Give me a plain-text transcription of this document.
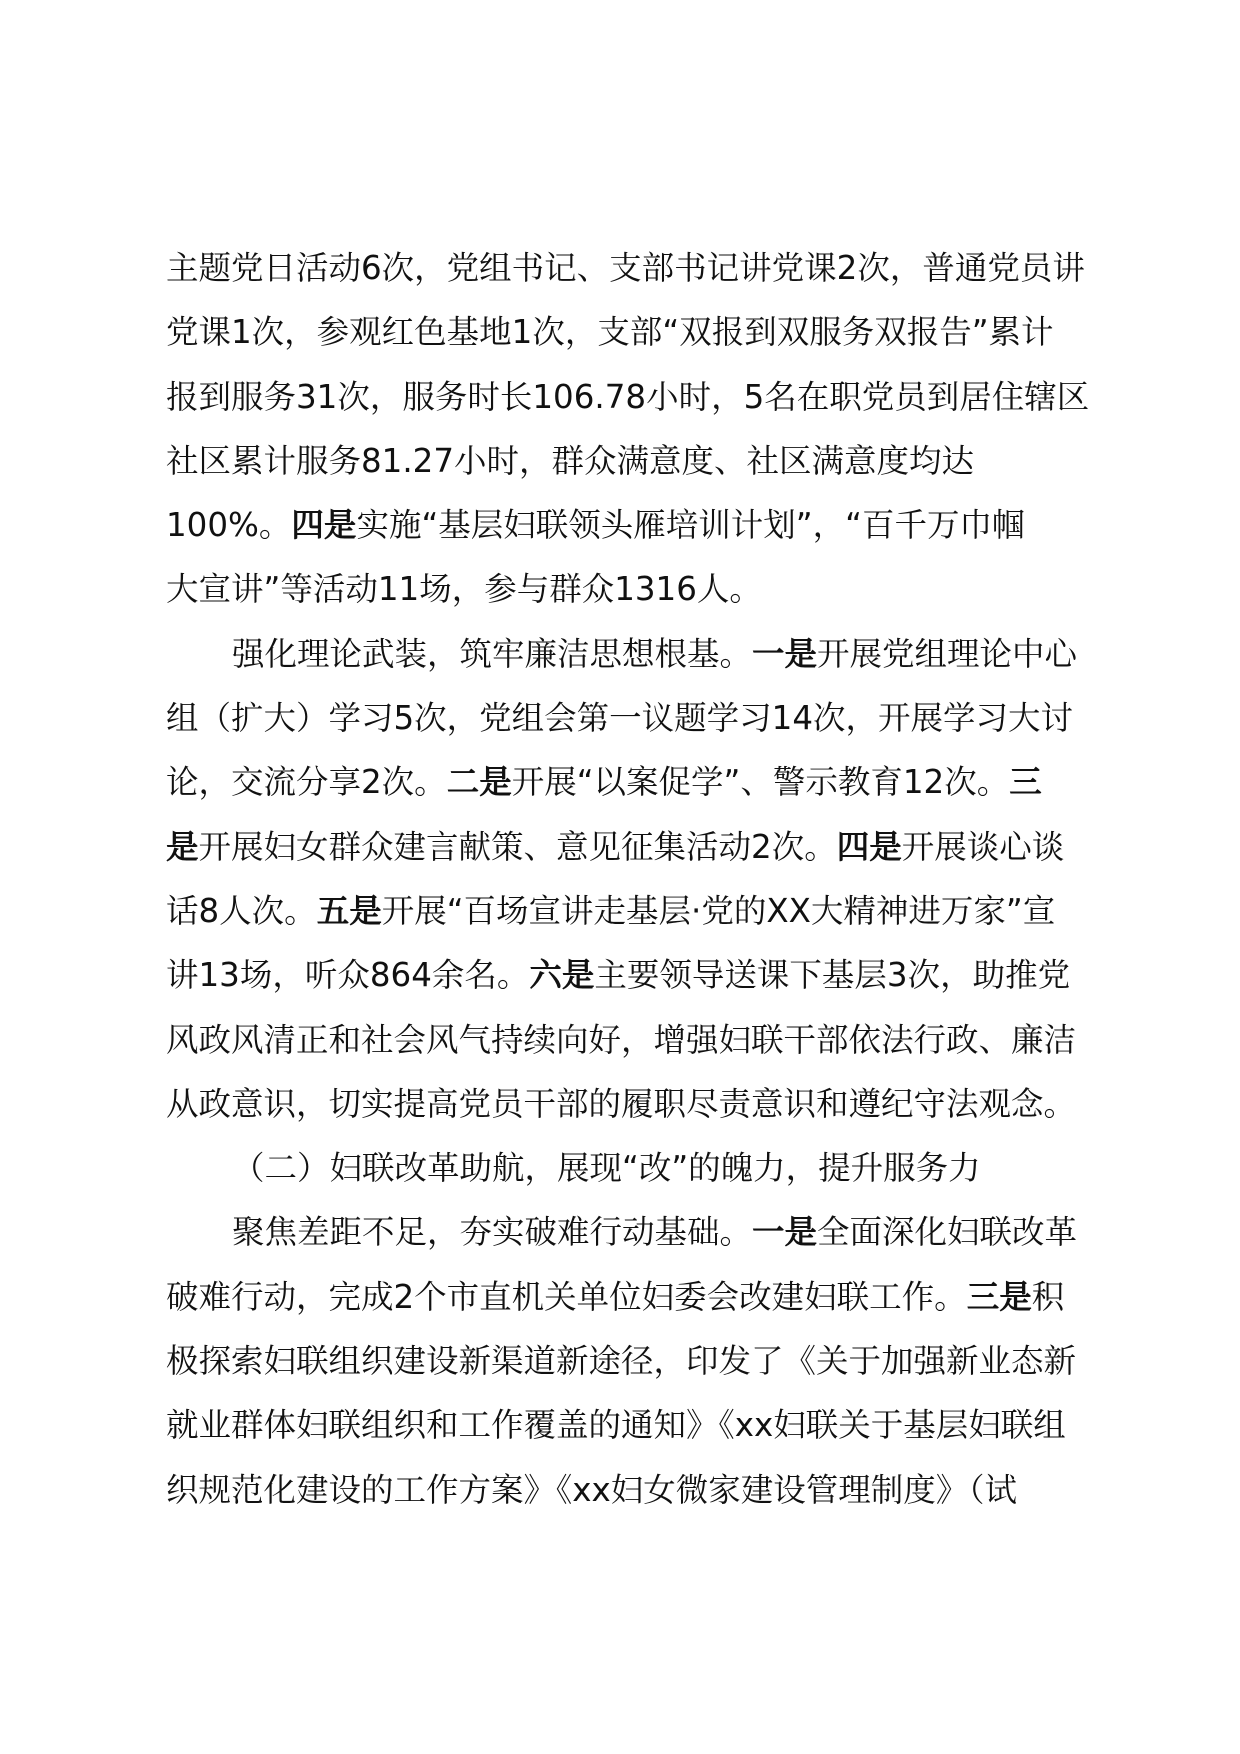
主题党日活动6次，党组书记、支部书记讲党课2次，普通党员讲
党课1次，参观红色基地1次，支部“双报到双服务双报告”累计
报到服务31次，服务时长106.78小时，5名在职党员到居住辖区
社区累计服务81.27小时，群众满意度、社区满意度均达
100%。四是实施“基层妇联领头雁培训计划”，“百千万巾帼
大宣讲”等活动11场，参与群众1316人。
强化理论武装，筑牢廉洁思想根基。一是开展党组理论中心
组（扩大）学习5次，党组会第一议题学习14次，开展学习大讨
论，交流分享2次。二是开展“以案促学”、警示教育12次。三
是开展妇女群众建言献策、意见征集活动2次。四是开展谈心谈
话8人次。五是开展“百场宣讲走基层·党的XX大精神进万家”宣
讲13场，听众864余名。六是主要领导送课下基层3次，助推党
风政风清正和社会风气持续向好，增强妇联干部依法行政、廉洁
从政意识，切实提高党员干部的履职尽责意识和遵纪守法观念。
（二）妇联改革助航，展现“改”的魄力，提升服务力
聚焦差距不足，夯实破难行动基础。一是全面深化妇联改革
破难行动，完成2个市直机关单位妇委会改建妇联工作。三是积
极探索妇联组织建设新渠道新途径，印发了《关于加强新业态新
就业群体妇联组织和工作覆盖的通知》《xx妇联关于基层妇联组
织规范化建设的工作方案》《xx妇女微家建设管理制度》（试
